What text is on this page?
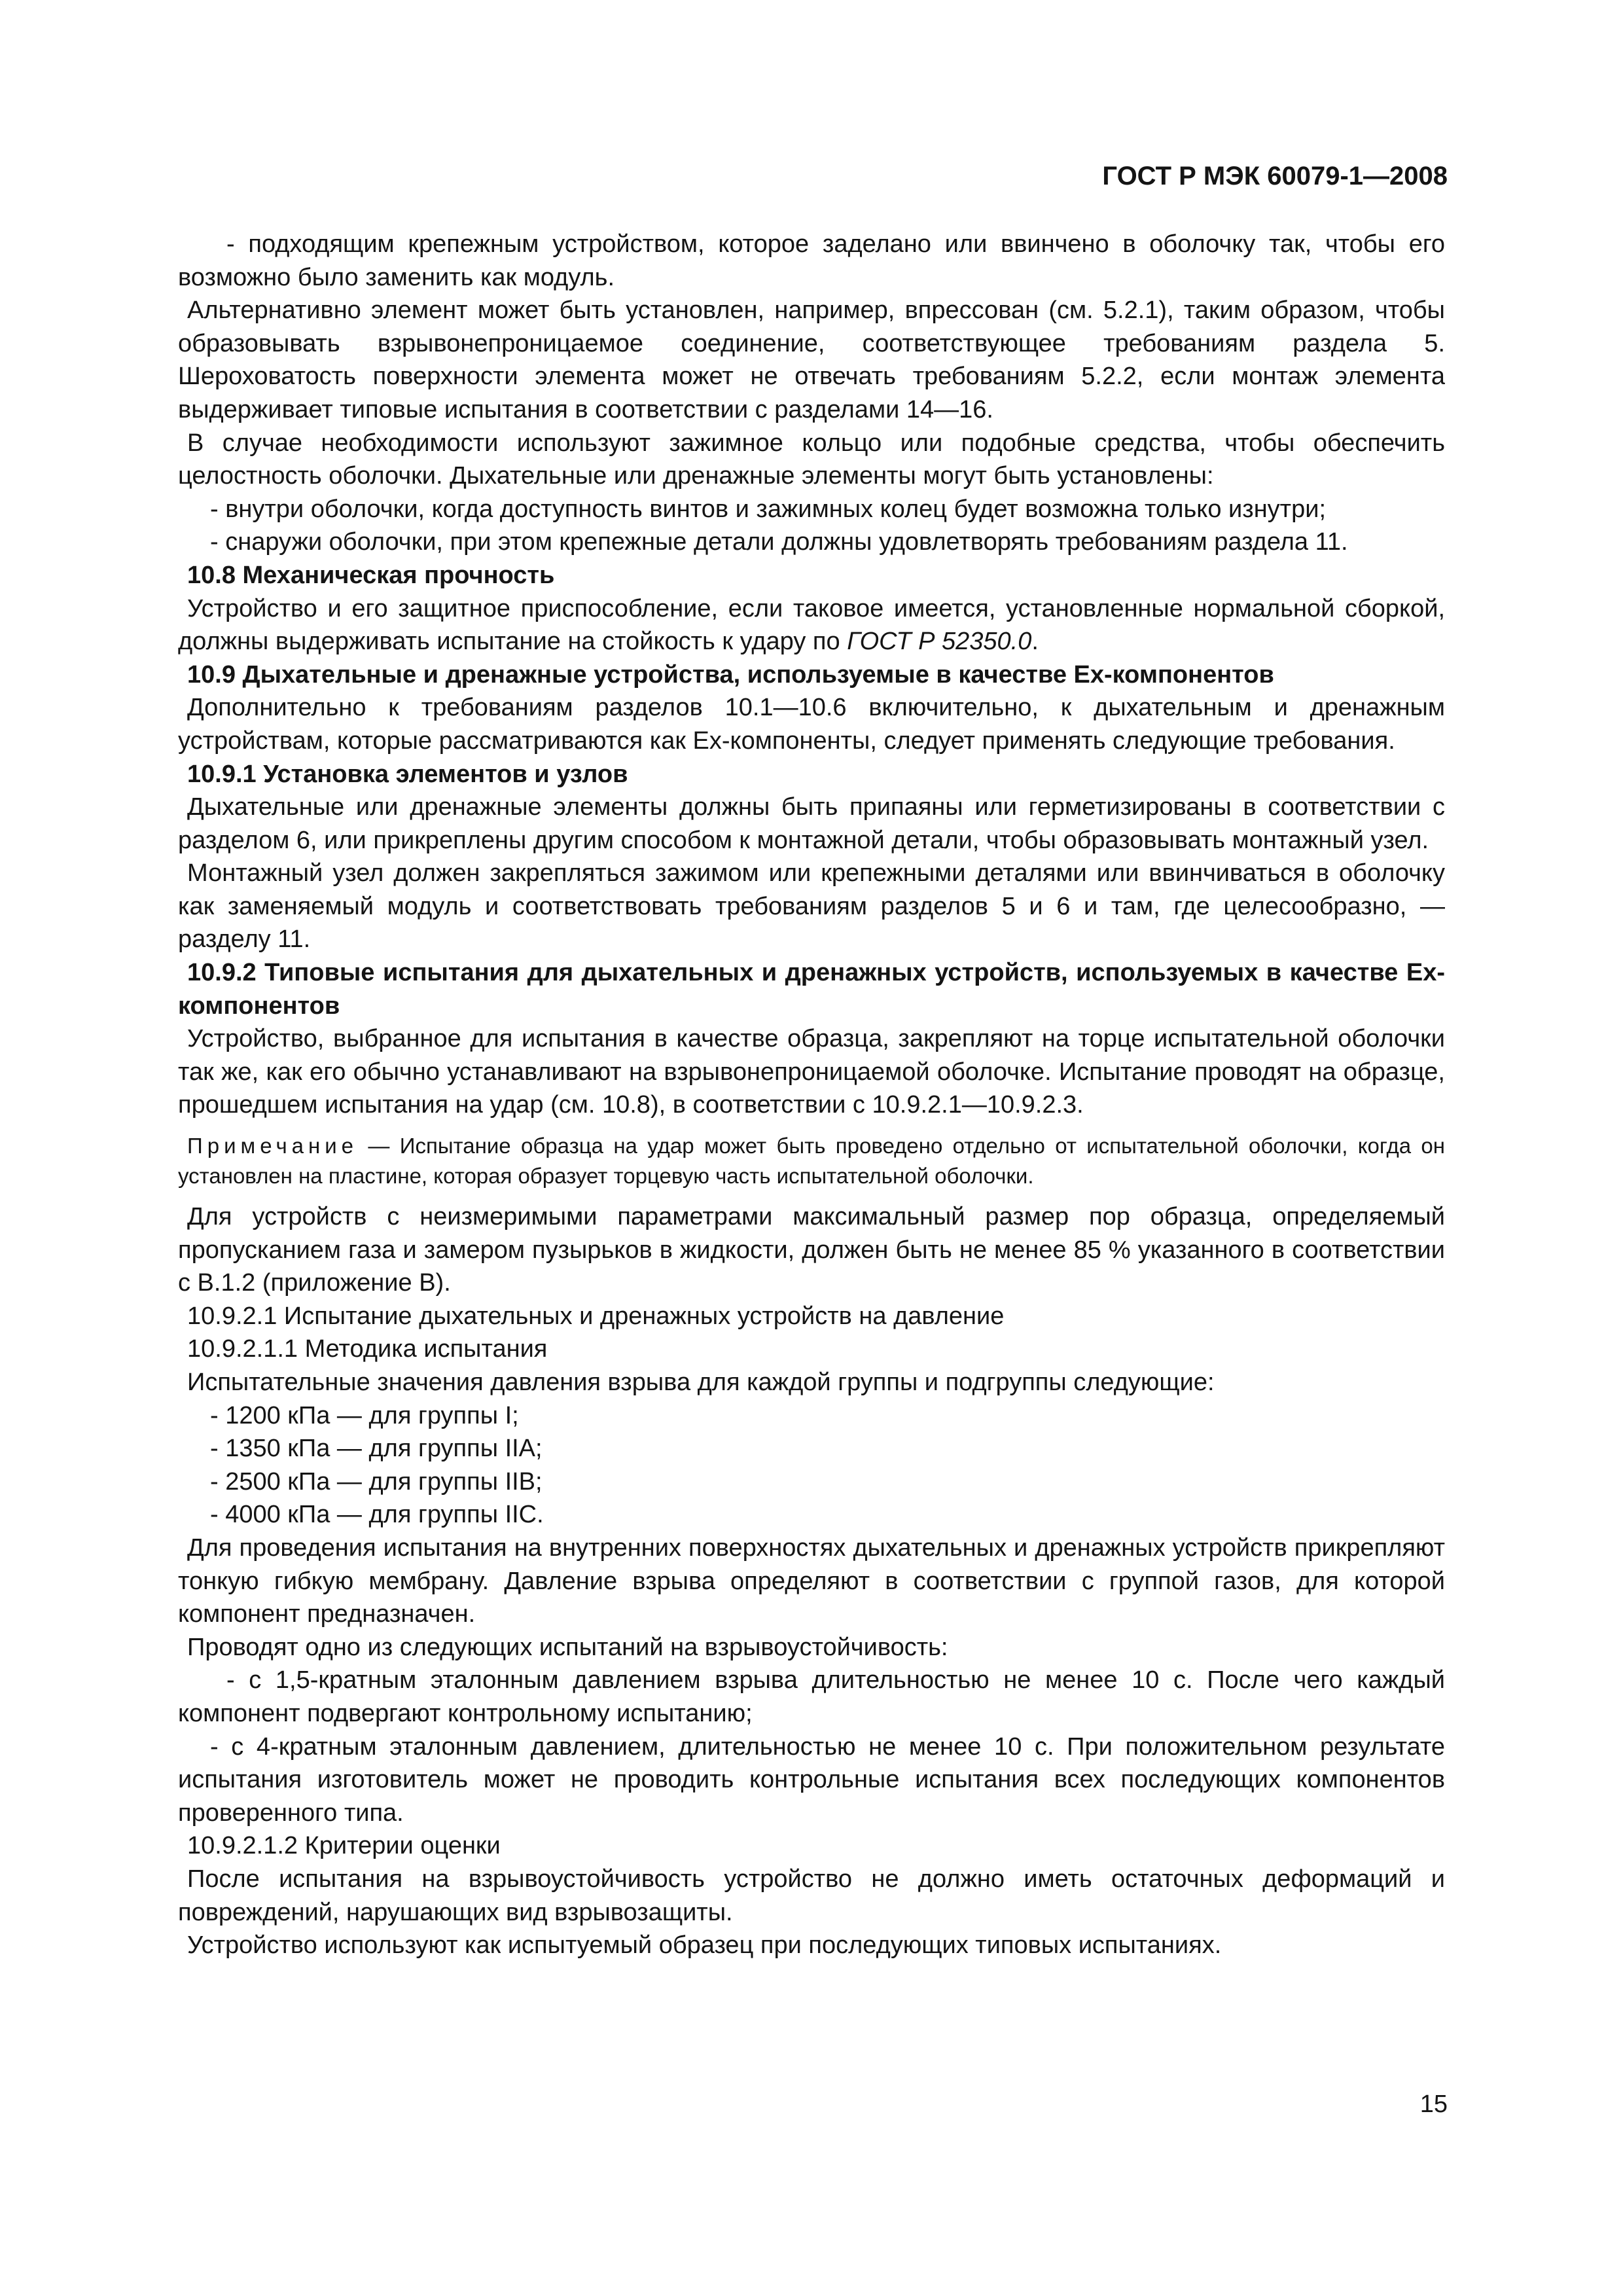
ГОСТ Р МЭК 60079-1—2008

- подходящим крепежным устройством, которое заделано или ввинчено в оболочку так, чтобы его возможно было заменить как модуль.

Альтернативно элемент может быть установлен, например, впрессован (см. 5.2.1), таким образом, чтобы образовывать взрывонепроницаемое соединение, соответствующее требованиям раздела 5. Шероховатость поверхности элемента может не отвечать требованиям 5.2.2, если монтаж элемента выдерживает типовые испытания в соответствии с разделами 14—16.

В случае необходимости используют зажимное кольцо или подобные средства, чтобы обеспечить целостность оболочки. Дыхательные или дренажные элементы могут быть установлены:

- внутри оболочки, когда доступность винтов и зажимных колец будет возможна только изнутри;

- снаружи оболочки, при этом крепежные детали должны удовлетворять требованиям раздела 11.

10.8 Механическая прочность

Устройство и его защитное приспособление, если таковое имеется, установленные нормальной сборкой, должны выдерживать испытание на стойкость к удару по ГОСТ Р 52350.0.

10.9 Дыхательные и дренажные устройства, используемые в качестве Ex-компонентов

Дополнительно к требованиям разделов 10.1—10.6 включительно, к дыхательным и дренажным устройствам, которые рассматриваются как Ex-компоненты, следует применять следующие требования.

10.9.1 Установка элементов и узлов

Дыхательные или дренажные элементы должны быть припаяны или герметизированы в соответствии с разделом 6, или прикреплены другим способом к монтажной детали, чтобы образовывать монтажный узел.

Монтажный узел должен закрепляться зажимом или крепежными деталями или ввинчиваться в оболочку как заменяемый модуль и соответствовать требованиям разделов 5 и 6 и там, где целесообразно, — разделу 11.

10.9.2 Типовые испытания для дыхательных и дренажных устройств, используемых в качестве Ex-компонентов

Устройство, выбранное для испытания в качестве образца, закрепляют на торце испытательной оболочки так же, как его обычно устанавливают на взрывонепроницаемой оболочке. Испытание проводят на образце, прошедшем испытания на удар (см. 10.8), в соответствии с 10.9.2.1—10.9.2.3.

Примечание — Испытание образца на удар может быть проведено отдельно от испытательной оболочки, когда он установлен на пластине, которая образует торцевую часть испытательной оболочки.

Для устройств с неизмеримыми параметрами максимальный размер пор образца, определяемый пропусканием газа и замером пузырьков в жидкости, должен быть не менее 85 % указанного в соответствии с В.1.2 (приложение В).

10.9.2.1 Испытание дыхательных и дренажных устройств на давление

10.9.2.1.1 Методика испытания

Испытательные значения давления взрыва для каждой группы и подгруппы следующие:

- 1200 кПа — для группы I;

- 1350 кПа — для группы IIA;

- 2500 кПа — для группы IIB;

- 4000 кПа — для группы IIC.

Для проведения испытания на внутренних поверхностях дыхательных и дренажных устройств прикрепляют тонкую гибкую мембрану. Давление взрыва определяют в соответствии с группой газов, для которой компонент предназначен.

Проводят одно из следующих испытаний на взрывоустойчивость:

- с 1,5-кратным эталонным давлением взрыва длительностью не менее 10 с. После чего каждый компонент подвергают контрольному испытанию;

- с 4-кратным эталонным давлением, длительностью не менее 10 с. При положительном результате испытания изготовитель может не проводить контрольные испытания всех последующих компонентов проверенного типа.

10.9.2.1.2 Критерии оценки

После испытания на взрывоустойчивость устройство не должно иметь остаточных деформаций и повреждений, нарушающих вид взрывозащиты.

Устройство используют как испытуемый образец при последующих типовых испытаниях.

15
